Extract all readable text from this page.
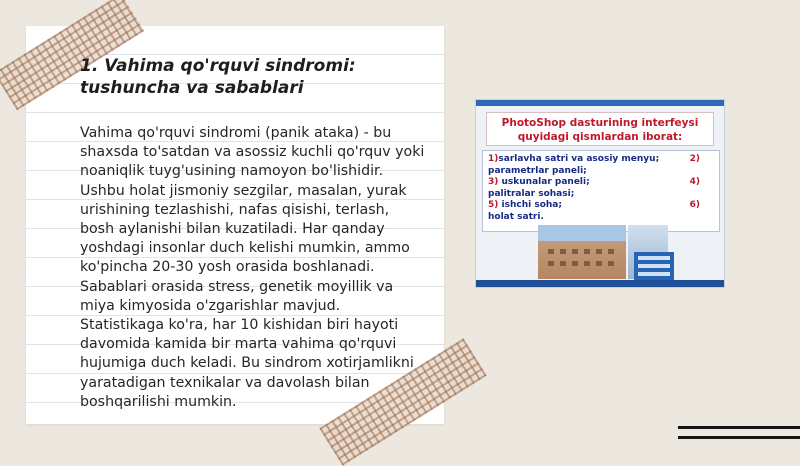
1. Vahima qo'rquvi sindromi: tushuncha va sabablari

Vahima qo'rquvi sindromi (panik ataka) - bu shaxsda to'satdan va asossiz kuchli qo'rquv yoki noaniqlik tuyg'usining namoyon bo'lishidir. Ushbu holat jismoniy sezgilar, masalan, yurak urishining tezlashishi, nafas qisishi, terlash, bosh aylanishi bilan kuzatiladi. Har qanday yoshdagi insonlar duch kelishi mumkin, ammo ko'pincha 20-30 yosh orasida boshlanadi. Sabablari orasida stress, genetik moyillik va miya kimyosida o'zgarishlar mavjud. Statistikaga ko'ra, har 10 kishidan biri hayoti davomida kamida bir marta vahima qo'rquvi hujumiga duch keladi. Bu sindrom xotirjamlikni yaratadigan texnikalar va davolash bilan boshqarilishi mumkin.

PhotoShop dasturining interfeysi
quyidagi qismlardan iborat:
1)sarlavha satri va asosiy menyu;	2)
parametrlar paneli;
3) uskunalar paneli;	4)
palitralar sohasi;
5) ishchi soha;	6)
holat satri.
